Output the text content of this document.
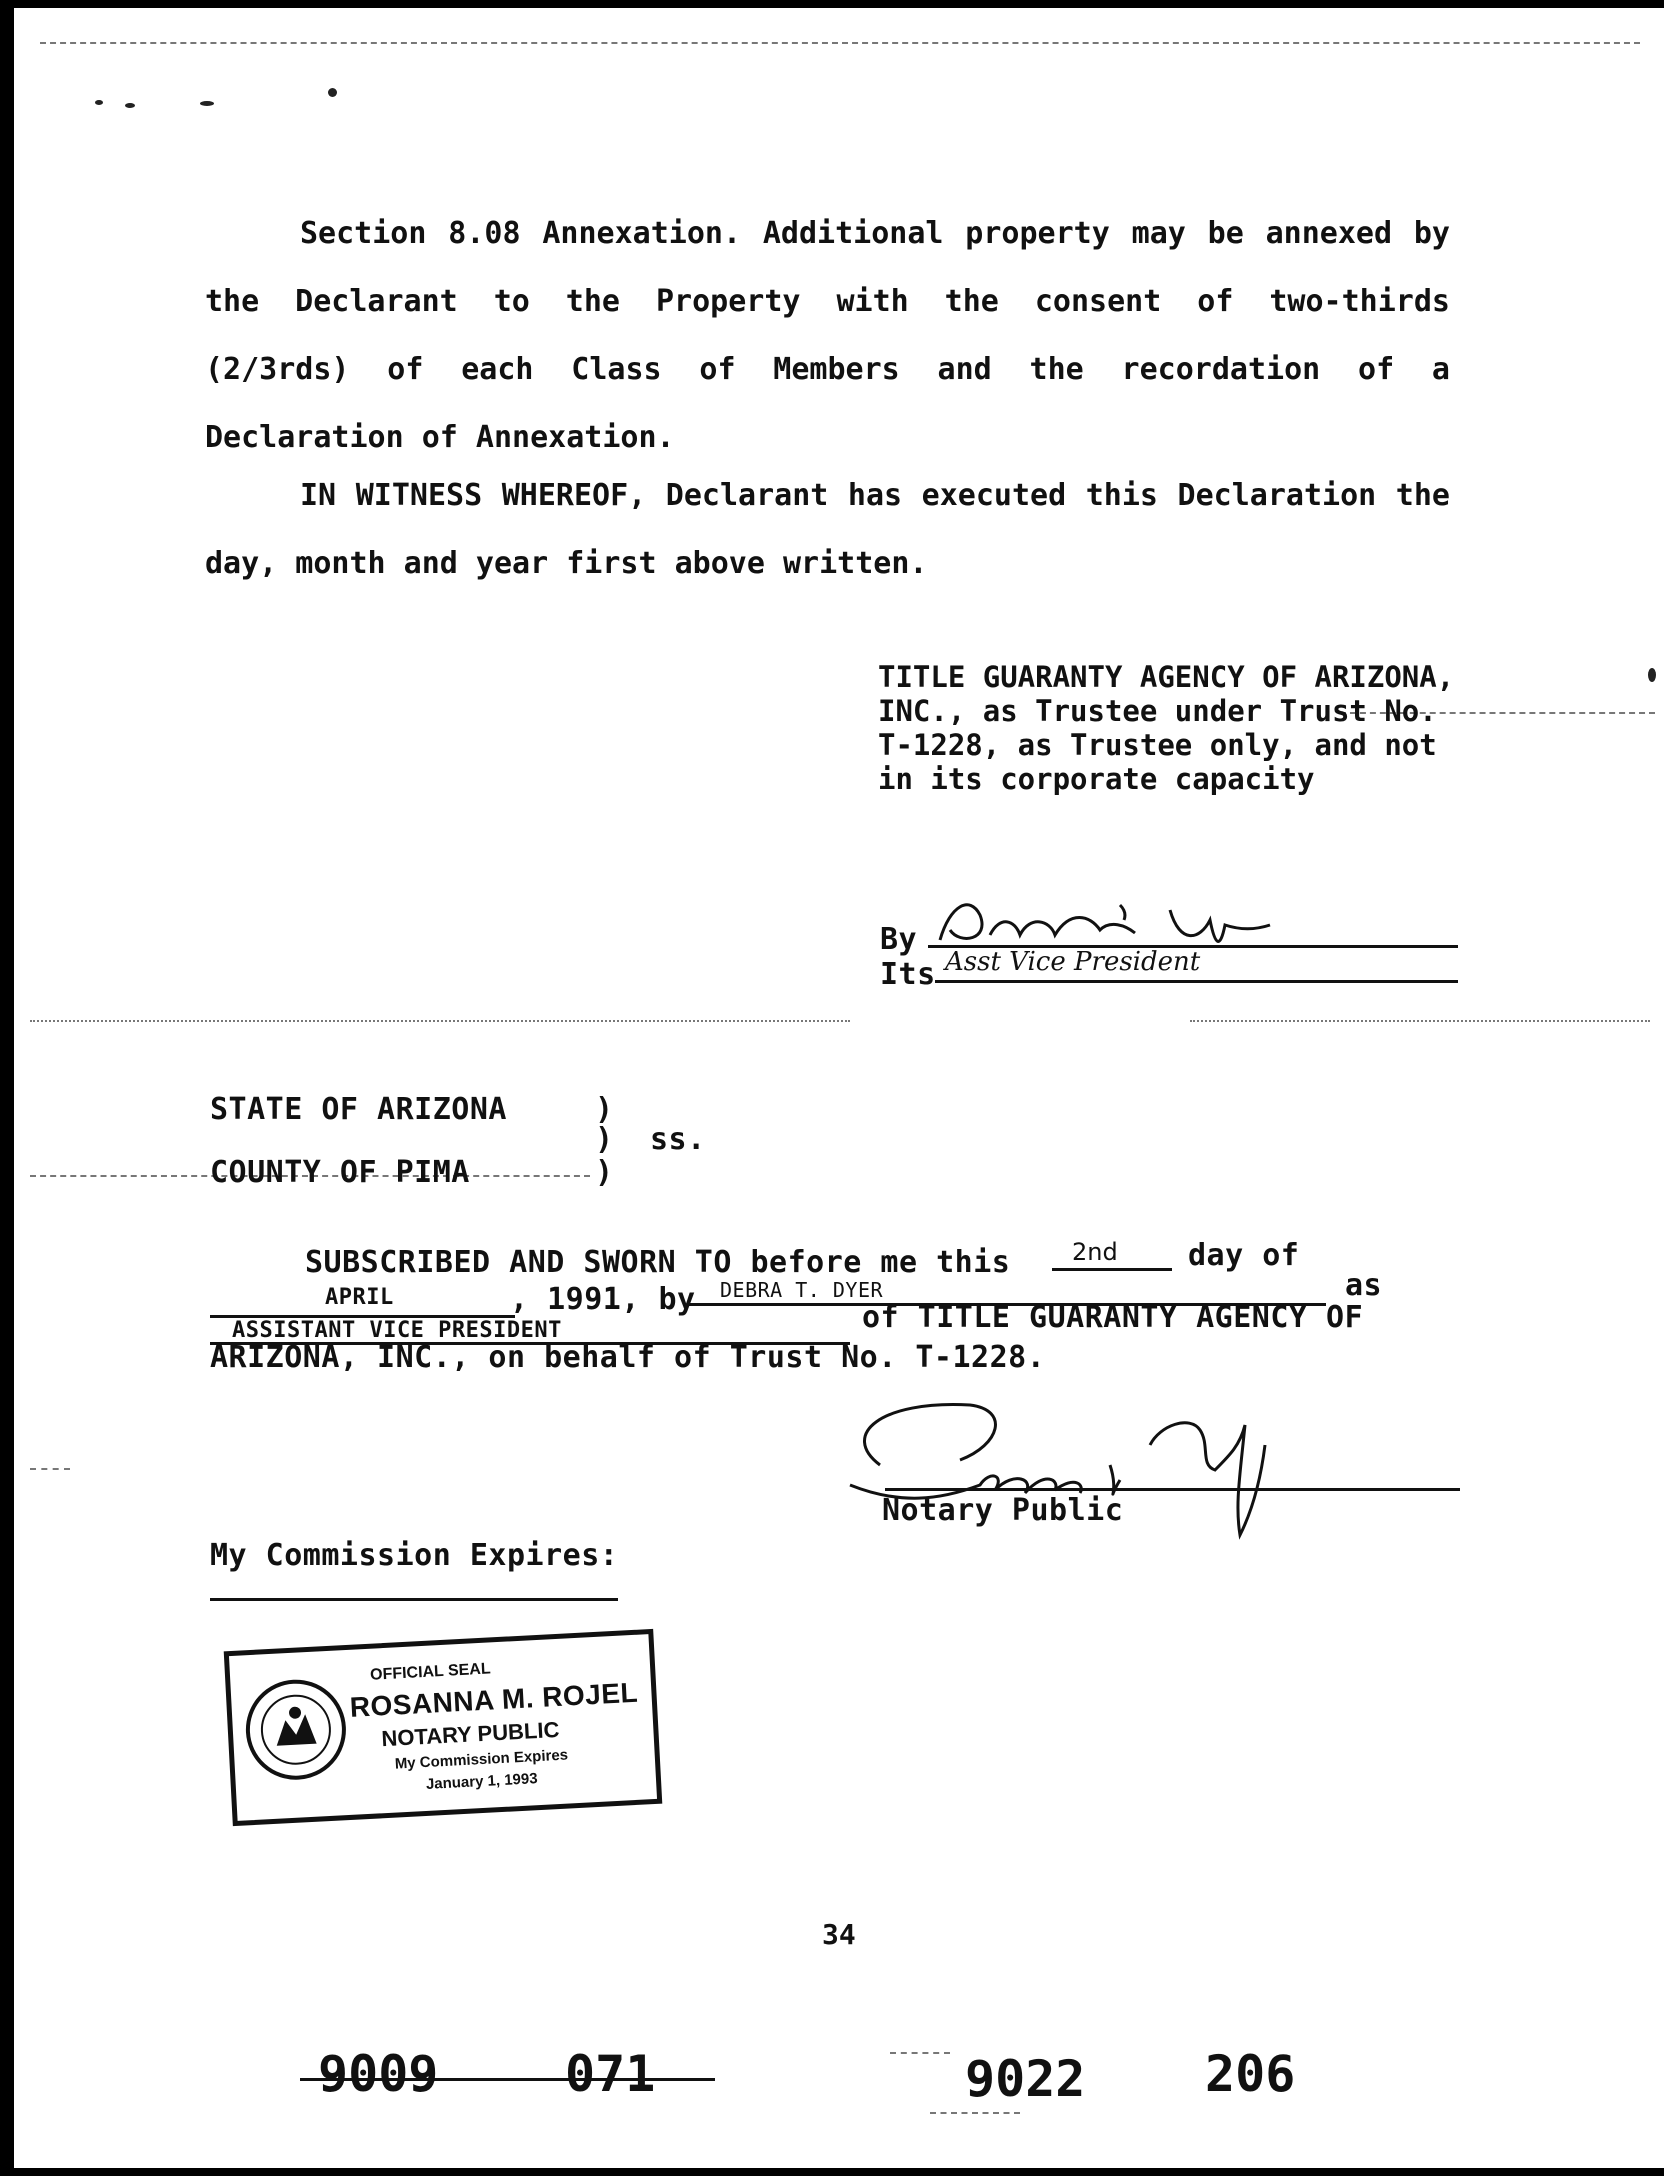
Section 8.08 Annexation. Additional property may be annexed by the Declarant to the Property with the consent of two-thirds (2/3rds) of each Class of Members and the recordation of a Declaration of Annexation.
IN WITNESS WHEREOF, Declarant has executed this Declaration the day, month and year first above written.
TITLE GUARANTY AGENCY OF ARIZONA, INC., as Trustee under Trust No. T-1228, as Trustee only, and not in its corporate capacity
By
Its Asst Vice President
STATE OF ARIZONA	)
) ss.
COUNTY OF PIMA	)
SUBSCRIBED AND SWORN TO before me this	2nd day of
APRIL	, 1991, by DEBRA T. DYER	as
ASSISTANT VICE PRESIDENT	of TITLE GUARANTY AGENCY OF
ARIZONA, INC., on behalf of Trust No. T-1228.
Notary Public
My Commission Expires:
OFFICIAL SEAL
ROSANNA M. ROJEL
NOTARY PUBLIC
My Commission Expires
January 1, 1993
34
9009	071	9022 206
